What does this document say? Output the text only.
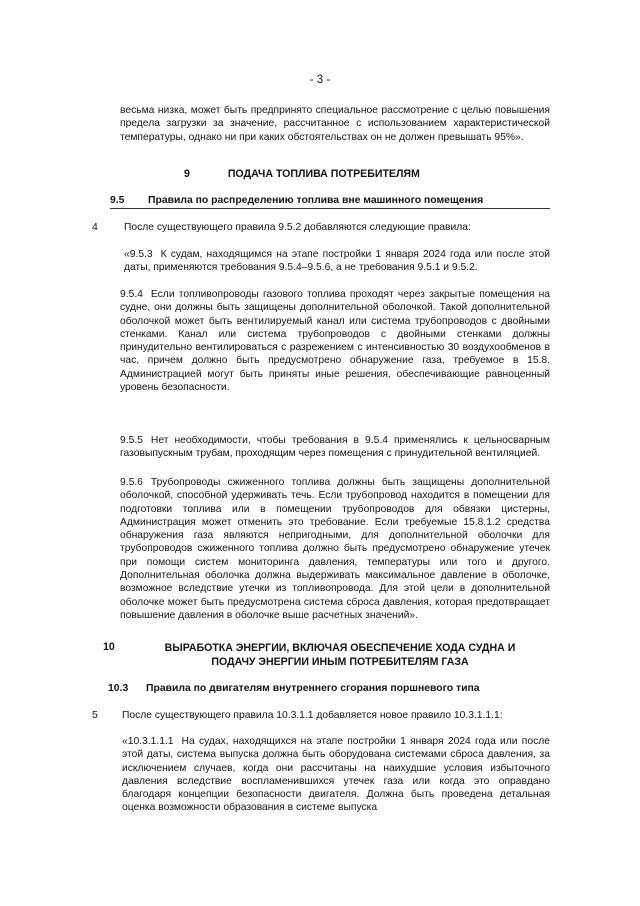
- 3 -

весьма низка, может быть предпринято специальное рассмотрение с целью повышения предела загрузки за значение, рассчитанное с использованием характеристической температуры, однако ни при каких обстоятельствах он не должен превышать 95%».

9	ПОДАЧА ТОПЛИВА ПОТРЕБИТЕЛЯМ
9.5 Правила по распределению топлива вне машинного помещения
4	После существующего правила 9.5.2 добавляются следующие правила:

«9.5.3 К судам, находящимся на этапе постройки 1 января 2024 года или после этой даты, применяются требования 9.5.4–9.5.6, а не требования 9.5.1 и 9.5.2.

9.5.4 Если топливопроводы газового топлива проходят через закрытые помещения на судне, они должны быть защищены дополнительной оболочкой. Такой дополнительной оболочкой может быть вентилируемый канал или система трубопроводов с двойными стенками. Канал или система трубопроводов с двойными стенками должны принудительно вентилироваться с разрежением с интенсивностью 30 воздухообменов в час, причем должно быть предусмотрено обнаружение газа, требуемое в 15.8. Администрацией могут быть приняты иные решения, обеспечивающие равноценный уровень безопасности.

9.5.5 Нет необходимости, чтобы требования в 9.5.4 применялись к цельносварным газовыпускным трубам, проходящим через помещения с принудительной вентиляцией.

9.5.6 Трубопроводы сжиженного топлива должны быть защищены дополнительной оболочкой, способной удерживать течь. Если трубопровод находится в помещении для подготовки топлива или в помещении трубопроводов для обвязки цистерны, Администрация может отменить это требование. Если требуемые 15.8.1.2 средства обнаружения газа являются непригодными, для дополнительной оболочки для трубопроводов сжиженного топлива должно быть предусмотрено обнаружение утечек при помощи систем мониторинга давления, температуры или того и другого. Дополнительная оболочка должна выдерживать максимальное давление в оболочке, возможное вследствие утечки из топливопровода. Для этой цели в дополнительной оболочке может быть предусмотрена система сброса давления, которая предотвращает повышение давления в оболочке выше расчетных значений».

10	ВЫРАБОТКА ЭНЕРГИИ, ВКЛЮЧАЯ ОБЕСПЕЧЕНИЕ ХОДА СУДНА И
ПОДАЧУ ЭНЕРГИИ ИНЫМ ПОТРЕБИТЕЛЯМ ГАЗА
10.3 Правила по двигателям внутреннего сгорания поршневого типа
5 После существующего правила 10.3.1.1 добавляется новое правило 10.3.1.1.1:

«10.3.1.1.1 На судах, находящихся на этапе постройки 1 января 2024 года или после этой даты, система выпуска должна быть оборудована системами сброса давления, за исключением случаев, когда они рассчитаны на наихудшие условия избыточного давления вследствие воспламенившихся утечек газа или когда это оправдано благодаря концепции безопасности двигателя. Должна быть проведена детальная оценка возможности образования в системе выпуска
